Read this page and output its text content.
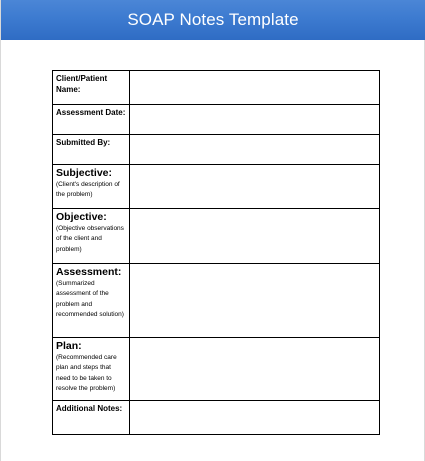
SOAP Notes Template
Client/Patient Name:	

Assessment Date:	

Submitted By:	

Subjective:
(Client's description of the problem)	

Objective:
(Objective observations of the client and problem)	

Assessment:
(Summarized assessment of the problem and recommended solution)	

Plan:
(Recommended care plan and steps that need to be taken to resolve the problem)	

Additional Notes:	
